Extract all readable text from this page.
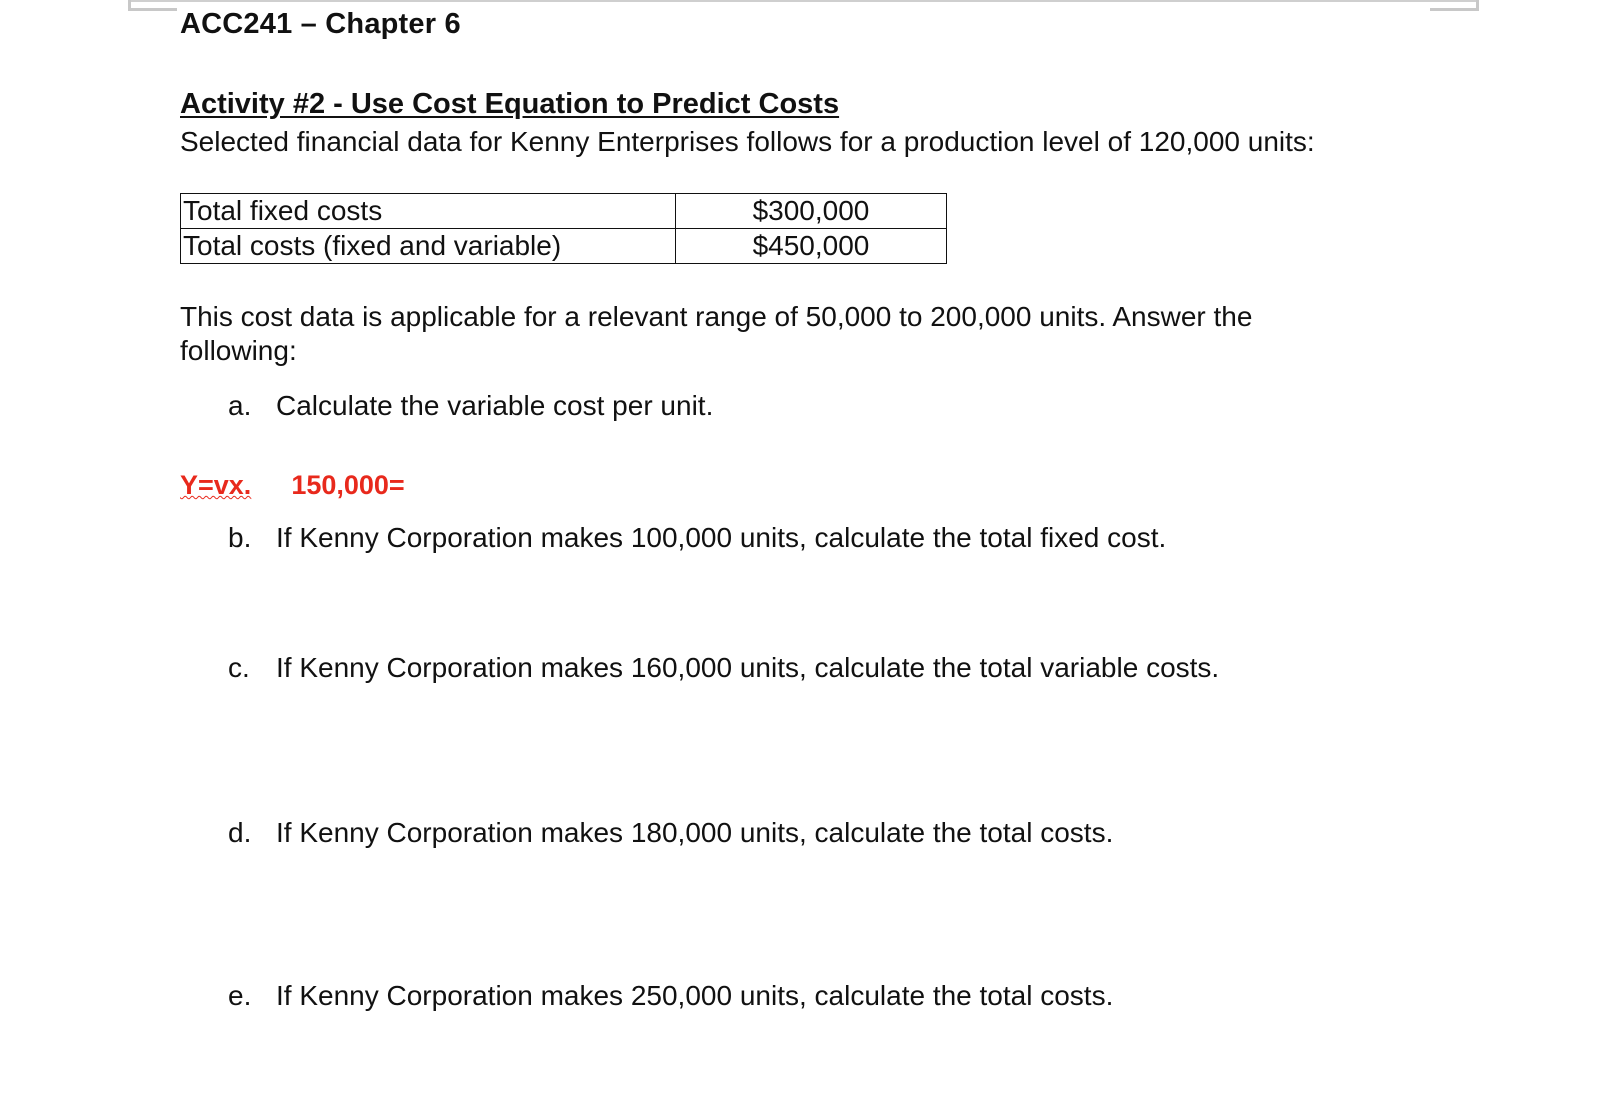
ACC241 – Chapter 6
Activity #2 - Use Cost Equation to Predict Costs
Selected financial data for Kenny Enterprises follows for a production level of 120,000 units:
Total fixed costs	$300,000
Total costs (fixed and variable)	$450,000
This cost data is applicable for a relevant range of 50,000 to 200,000 units. Answer the following:
a. Calculate the variable cost per unit.
Y=vx. 150,000=
b. If Kenny Corporation makes 100,000 units, calculate the total fixed cost.
c. If Kenny Corporation makes 160,000 units, calculate the total variable costs.
d. If Kenny Corporation makes 180,000 units, calculate the total costs.
e. If Kenny Corporation makes 250,000 units, calculate the total costs.
